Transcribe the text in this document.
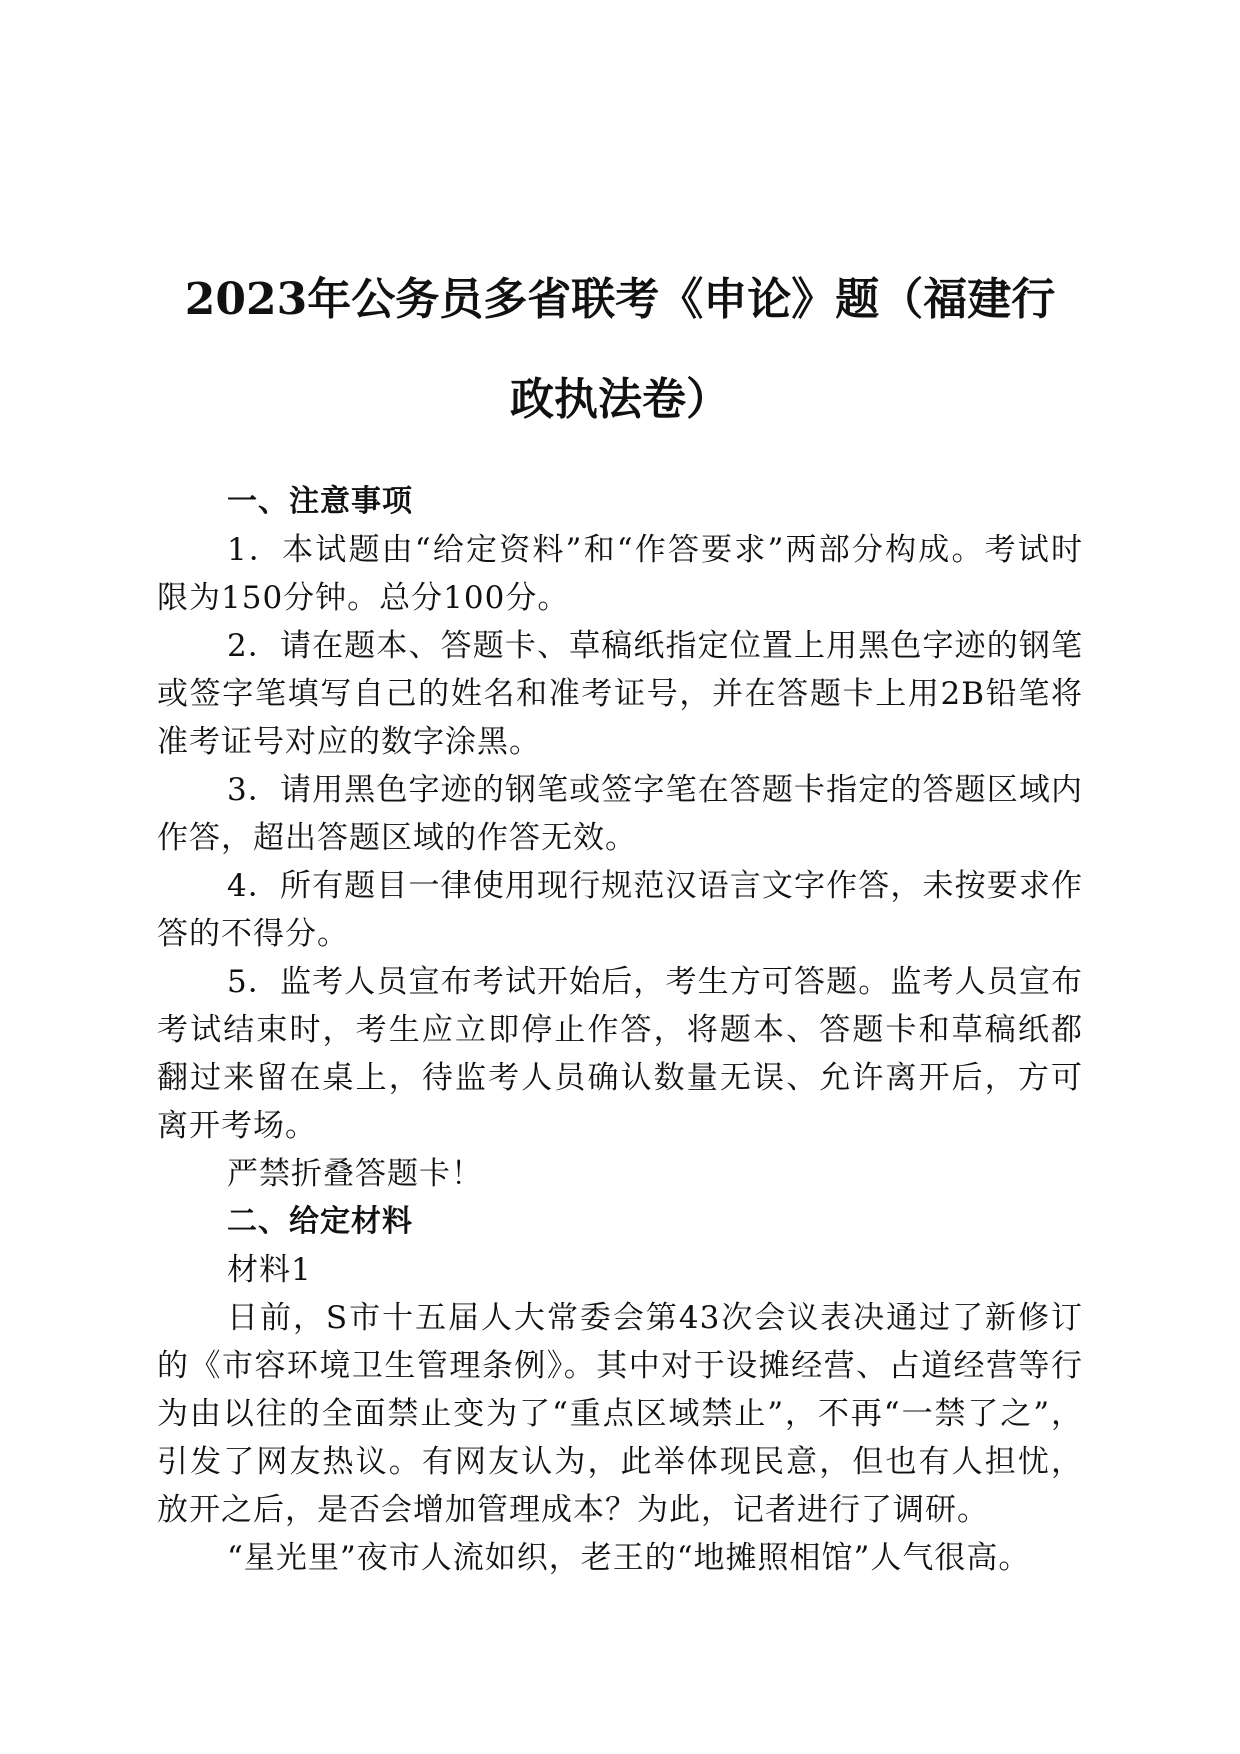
2023年公务员多省联考《申论》题（福建行
政执法卷）

一、注意事项

1．本试题由“给定资料”和“作答要求”两部分构成。考试时限为150分钟。总分100分。

2．请在题本、答题卡、草稿纸指定位置上用黑色字迹的钢笔或签字笔填写自己的姓名和准考证号，并在答题卡上用2B铅笔将准考证号对应的数字涂黑。

3．请用黑色字迹的钢笔或签字笔在答题卡指定的答题区域内作答，超出答题区域的作答无效。

4．所有题目一律使用现行规范汉语言文字作答，未按要求作答的不得分。

5．监考人员宣布考试开始后，考生方可答题。监考人员宣布考试结束时，考生应立即停止作答，将题本、答题卡和草稿纸都翻过来留在桌上，待监考人员确认数量无误、允许离开后，方可离开考场。

严禁折叠答题卡！

二、给定材料

材料1

日前，S市十五届人大常委会第43次会议表决通过了新修订的《市容环境卫生管理条例》。其中对于设摊经营、占道经营等行为由以往的全面禁止变为了“重点区域禁止”，不再“一禁了之”，引发了网友热议。有网友认为，此举体现民意，但也有人担忧，放开之后，是否会增加管理成本？为此，记者进行了调研。

“星光里”夜市人流如织，老王的“地摊照相馆”人气很高。
